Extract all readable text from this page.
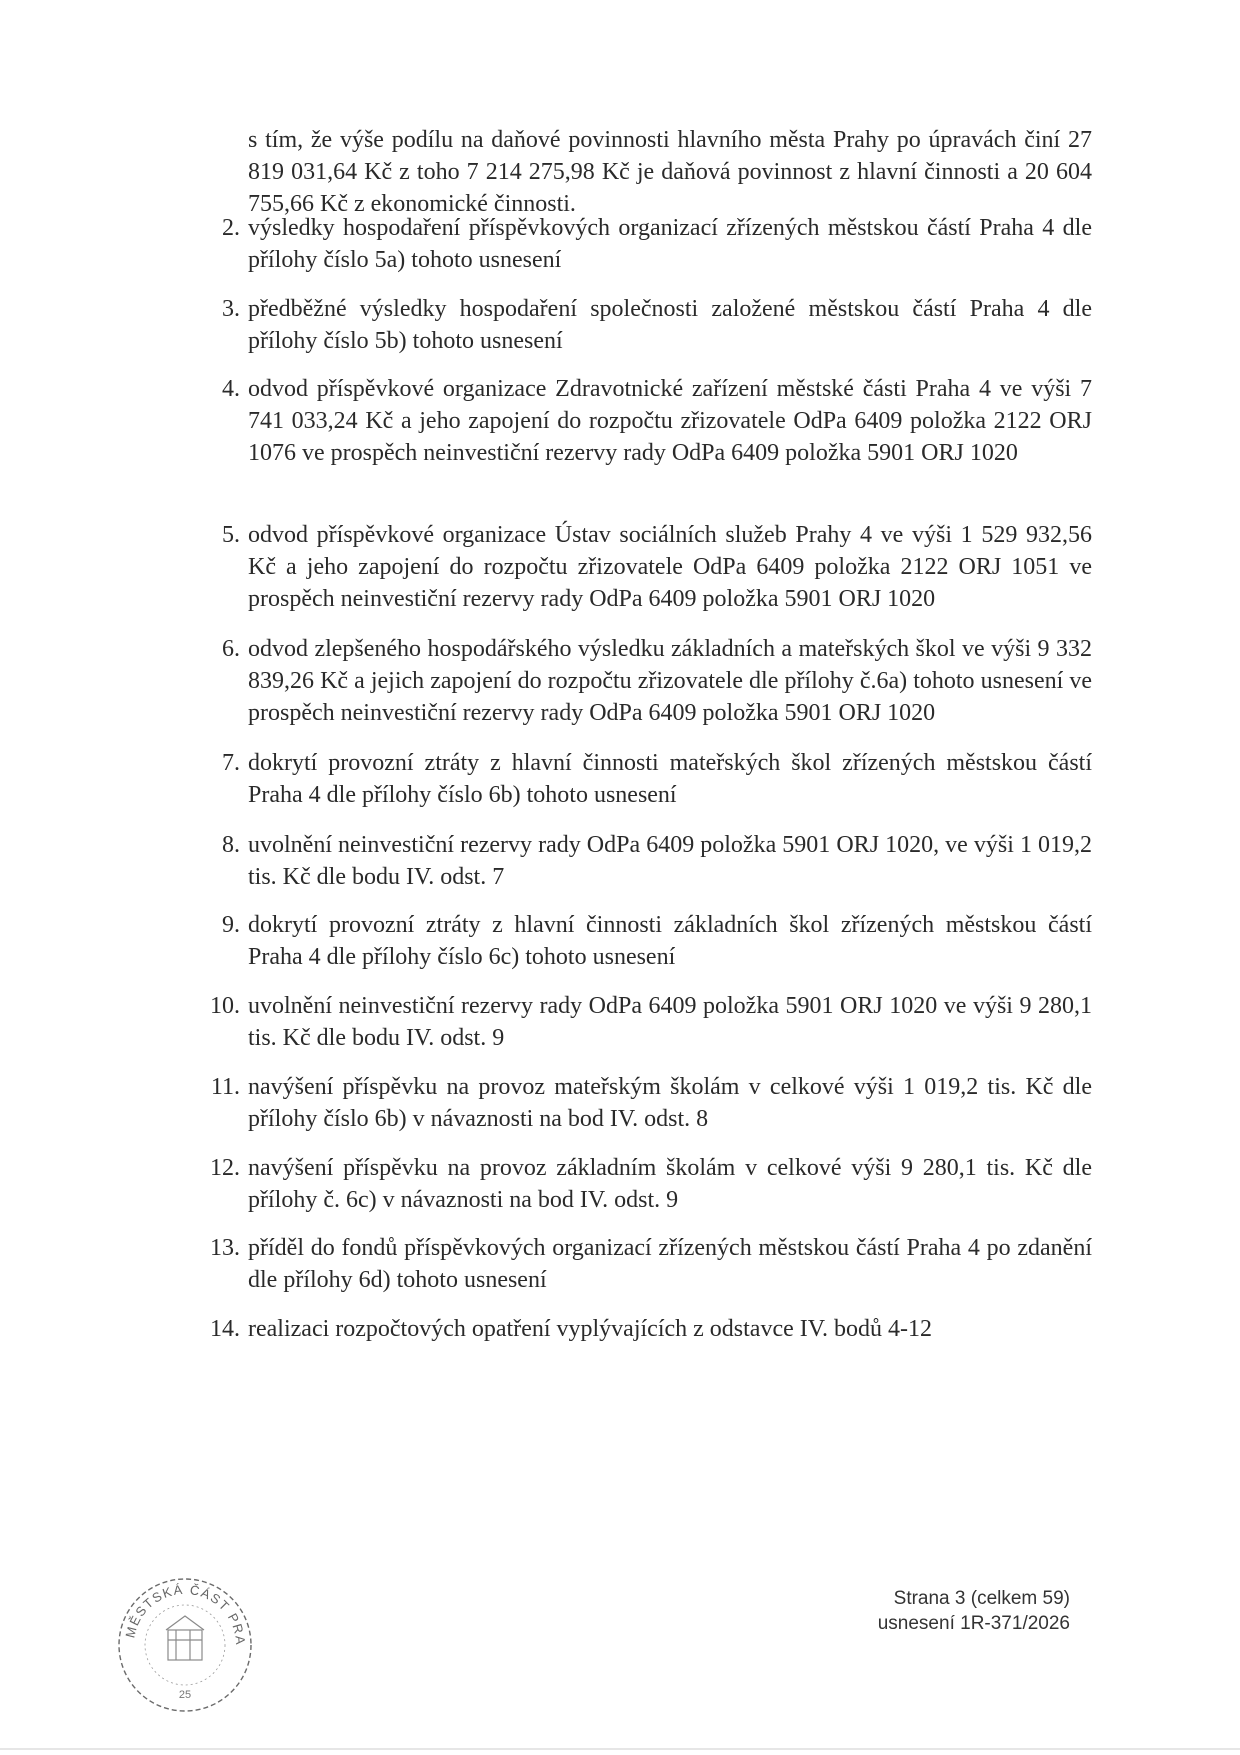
s tím, že výše podílu na daňové povinnosti hlavního města Prahy po úpravách činí 27 819 031,64 Kč z toho 7 214 275,98 Kč je daňová povinnost z hlavní činnosti a 20 604 755,66 Kč z ekonomické činnosti.

2. výsledky hospodaření příspěvkových organizací zřízených městskou částí Praha 4 dle přílohy číslo 5a) tohoto usnesení
3. předběžné výsledky hospodaření společnosti založené městskou částí Praha 4 dle přílohy číslo 5b) tohoto usnesení
4. odvod příspěvkové organizace Zdravotnické zařízení městské části Praha 4 ve výši 7 741 033,24 Kč a jeho zapojení do rozpočtu zřizovatele OdPa 6409 položka 2122 ORJ 1076 ve prospěch neinvestiční rezervy rady OdPa 6409 položka 5901 ORJ 1020
5. odvod příspěvkové organizace Ústav sociálních služeb Prahy 4 ve výši 1 529 932,56 Kč a jeho zapojení do rozpočtu zřizovatele OdPa 6409 položka 2122 ORJ 1051 ve prospěch neinvestiční rezervy rady OdPa 6409 položka 5901 ORJ 1020
6. odvod zlepšeného hospodářského výsledku základních a mateřských škol ve výši 9 332 839,26 Kč a jejich zapojení do rozpočtu zřizovatele dle přílohy č.6a) tohoto usnesení ve prospěch neinvestiční rezervy rady OdPa 6409 položka 5901 ORJ 1020
7. dokrytí provozní ztráty z hlavní činnosti mateřských škol zřízených městskou částí Praha 4 dle přílohy číslo 6b) tohoto usnesení
8. uvolnění neinvestiční rezervy rady OdPa 6409 položka 5901 ORJ 1020, ve výši 1 019,2 tis. Kč dle bodu IV. odst. 7
9. dokrytí provozní ztráty z hlavní činnosti základních škol zřízených městskou částí Praha 4 dle přílohy číslo 6c) tohoto usnesení
10. uvolnění neinvestiční rezervy rady OdPa 6409 položka 5901 ORJ 1020 ve výši 9 280,1 tis. Kč dle bodu IV. odst. 9
11. navýšení příspěvku na provoz mateřským školám v celkové výši 1 019,2 tis. Kč dle přílohy číslo 6b) v návaznosti na bod IV. odst. 8
12. navýšení příspěvku na provoz základním školám v celkové výši 9 280,1 tis. Kč dle přílohy č. 6c) v návaznosti na bod IV. odst. 9
13. příděl do fondů příspěvkových organizací zřízených městskou částí Praha 4 po zdanění dle přílohy 6d) tohoto usnesení
14. realizaci rozpočtových opatření vyplývajících z odstavce IV. bodů 4-12
MĚSTSKÁ ČÁST PRA
25
Strana 3 (celkem 59)
usnesení 1R-371/2026
